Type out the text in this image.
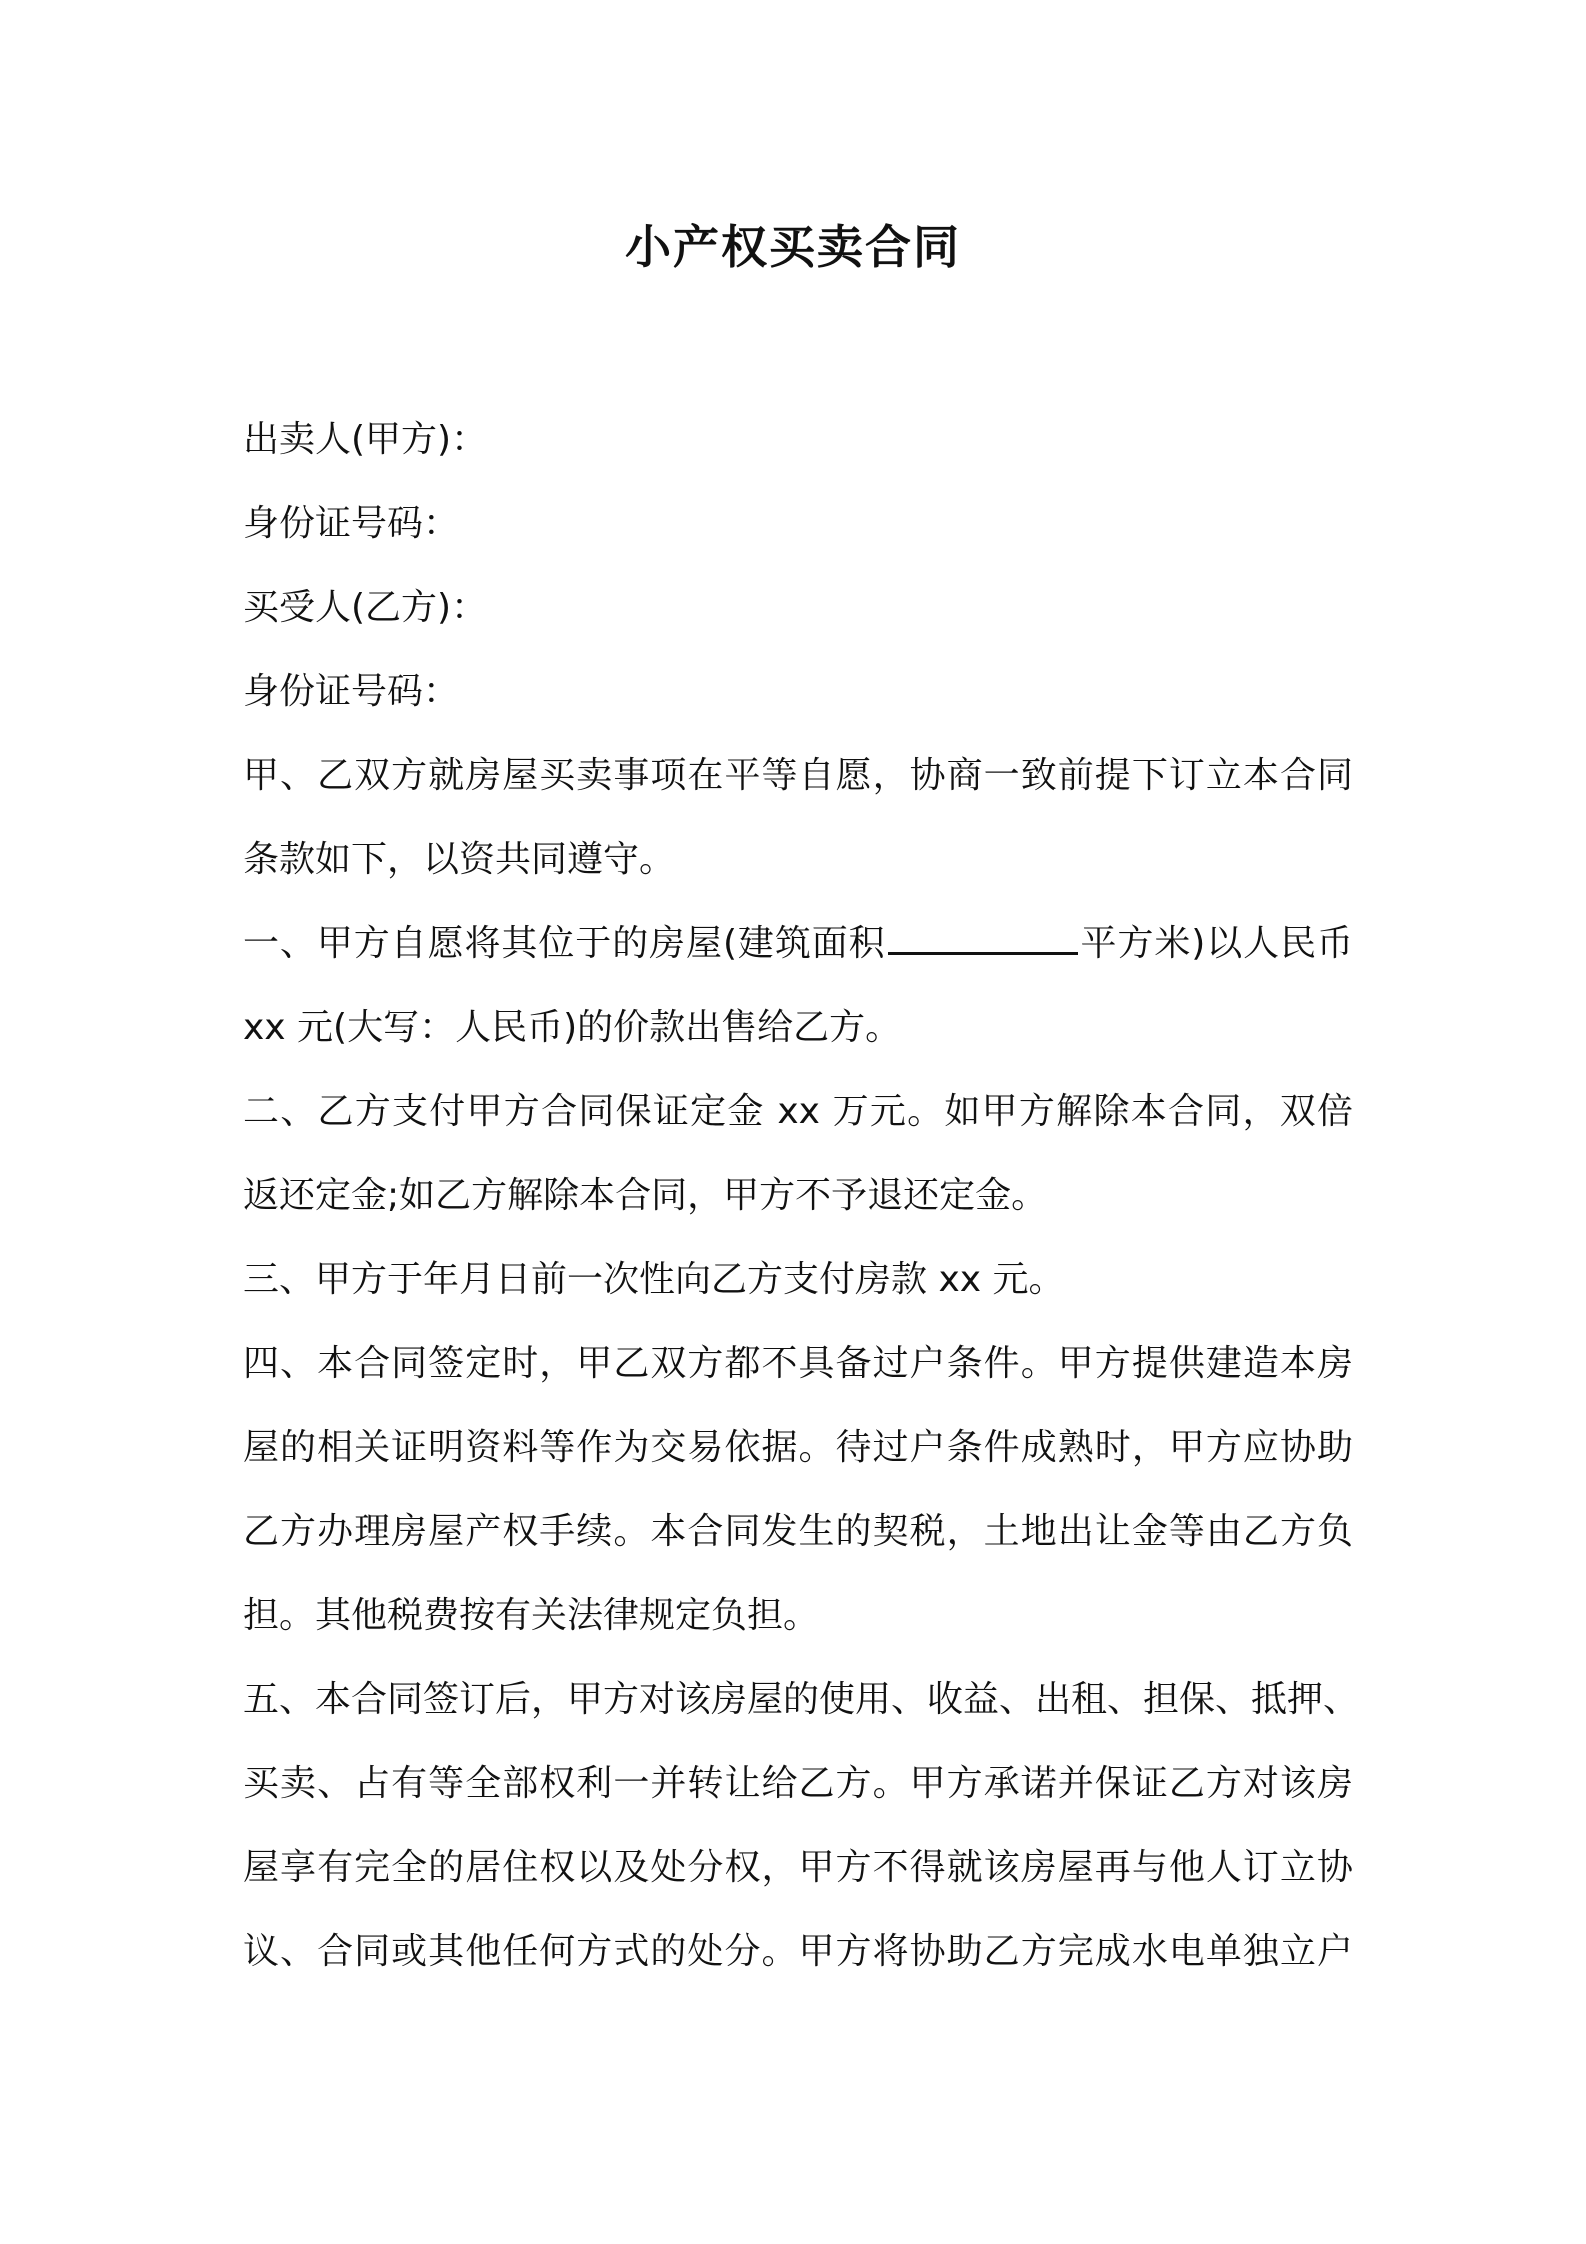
小产权买卖合同
出卖人(甲方)：
身份证号码：
买受人(乙方)：
身份证号码：
甲、乙双方就房屋买卖事项在平等自愿，协商一致前提下订立本合同
条款如下，以资共同遵守。
一、甲方自愿将其位于的房屋(建筑面积	平方米)以人民币
xx 元(大写：人民币)的价款出售给乙方。
二、乙方支付甲方合同保证定金 xx 万元。如甲方解除本合同，双倍
返还定金;如乙方解除本合同，甲方不予退还定金。
三、甲方于年月日前一次性向乙方支付房款 xx 元。
四、本合同签定时，甲乙双方都不具备过户条件。甲方提供建造本房
屋的相关证明资料等作为交易依据。待过户条件成熟时，甲方应协助
乙方办理房屋产权手续。本合同发生的契税，土地出让金等由乙方负
担。其他税费按有关法律规定负担。
五、本合同签订后，甲方对该房屋的使用、收益、出租、担保、抵押、
买卖、占有等全部权利一并转让给乙方。甲方承诺并保证乙方对该房
屋享有完全的居住权以及处分权，甲方不得就该房屋再与他人订立协
议、合同或其他任何方式的处分。甲方将协助乙方完成水电单独立户
